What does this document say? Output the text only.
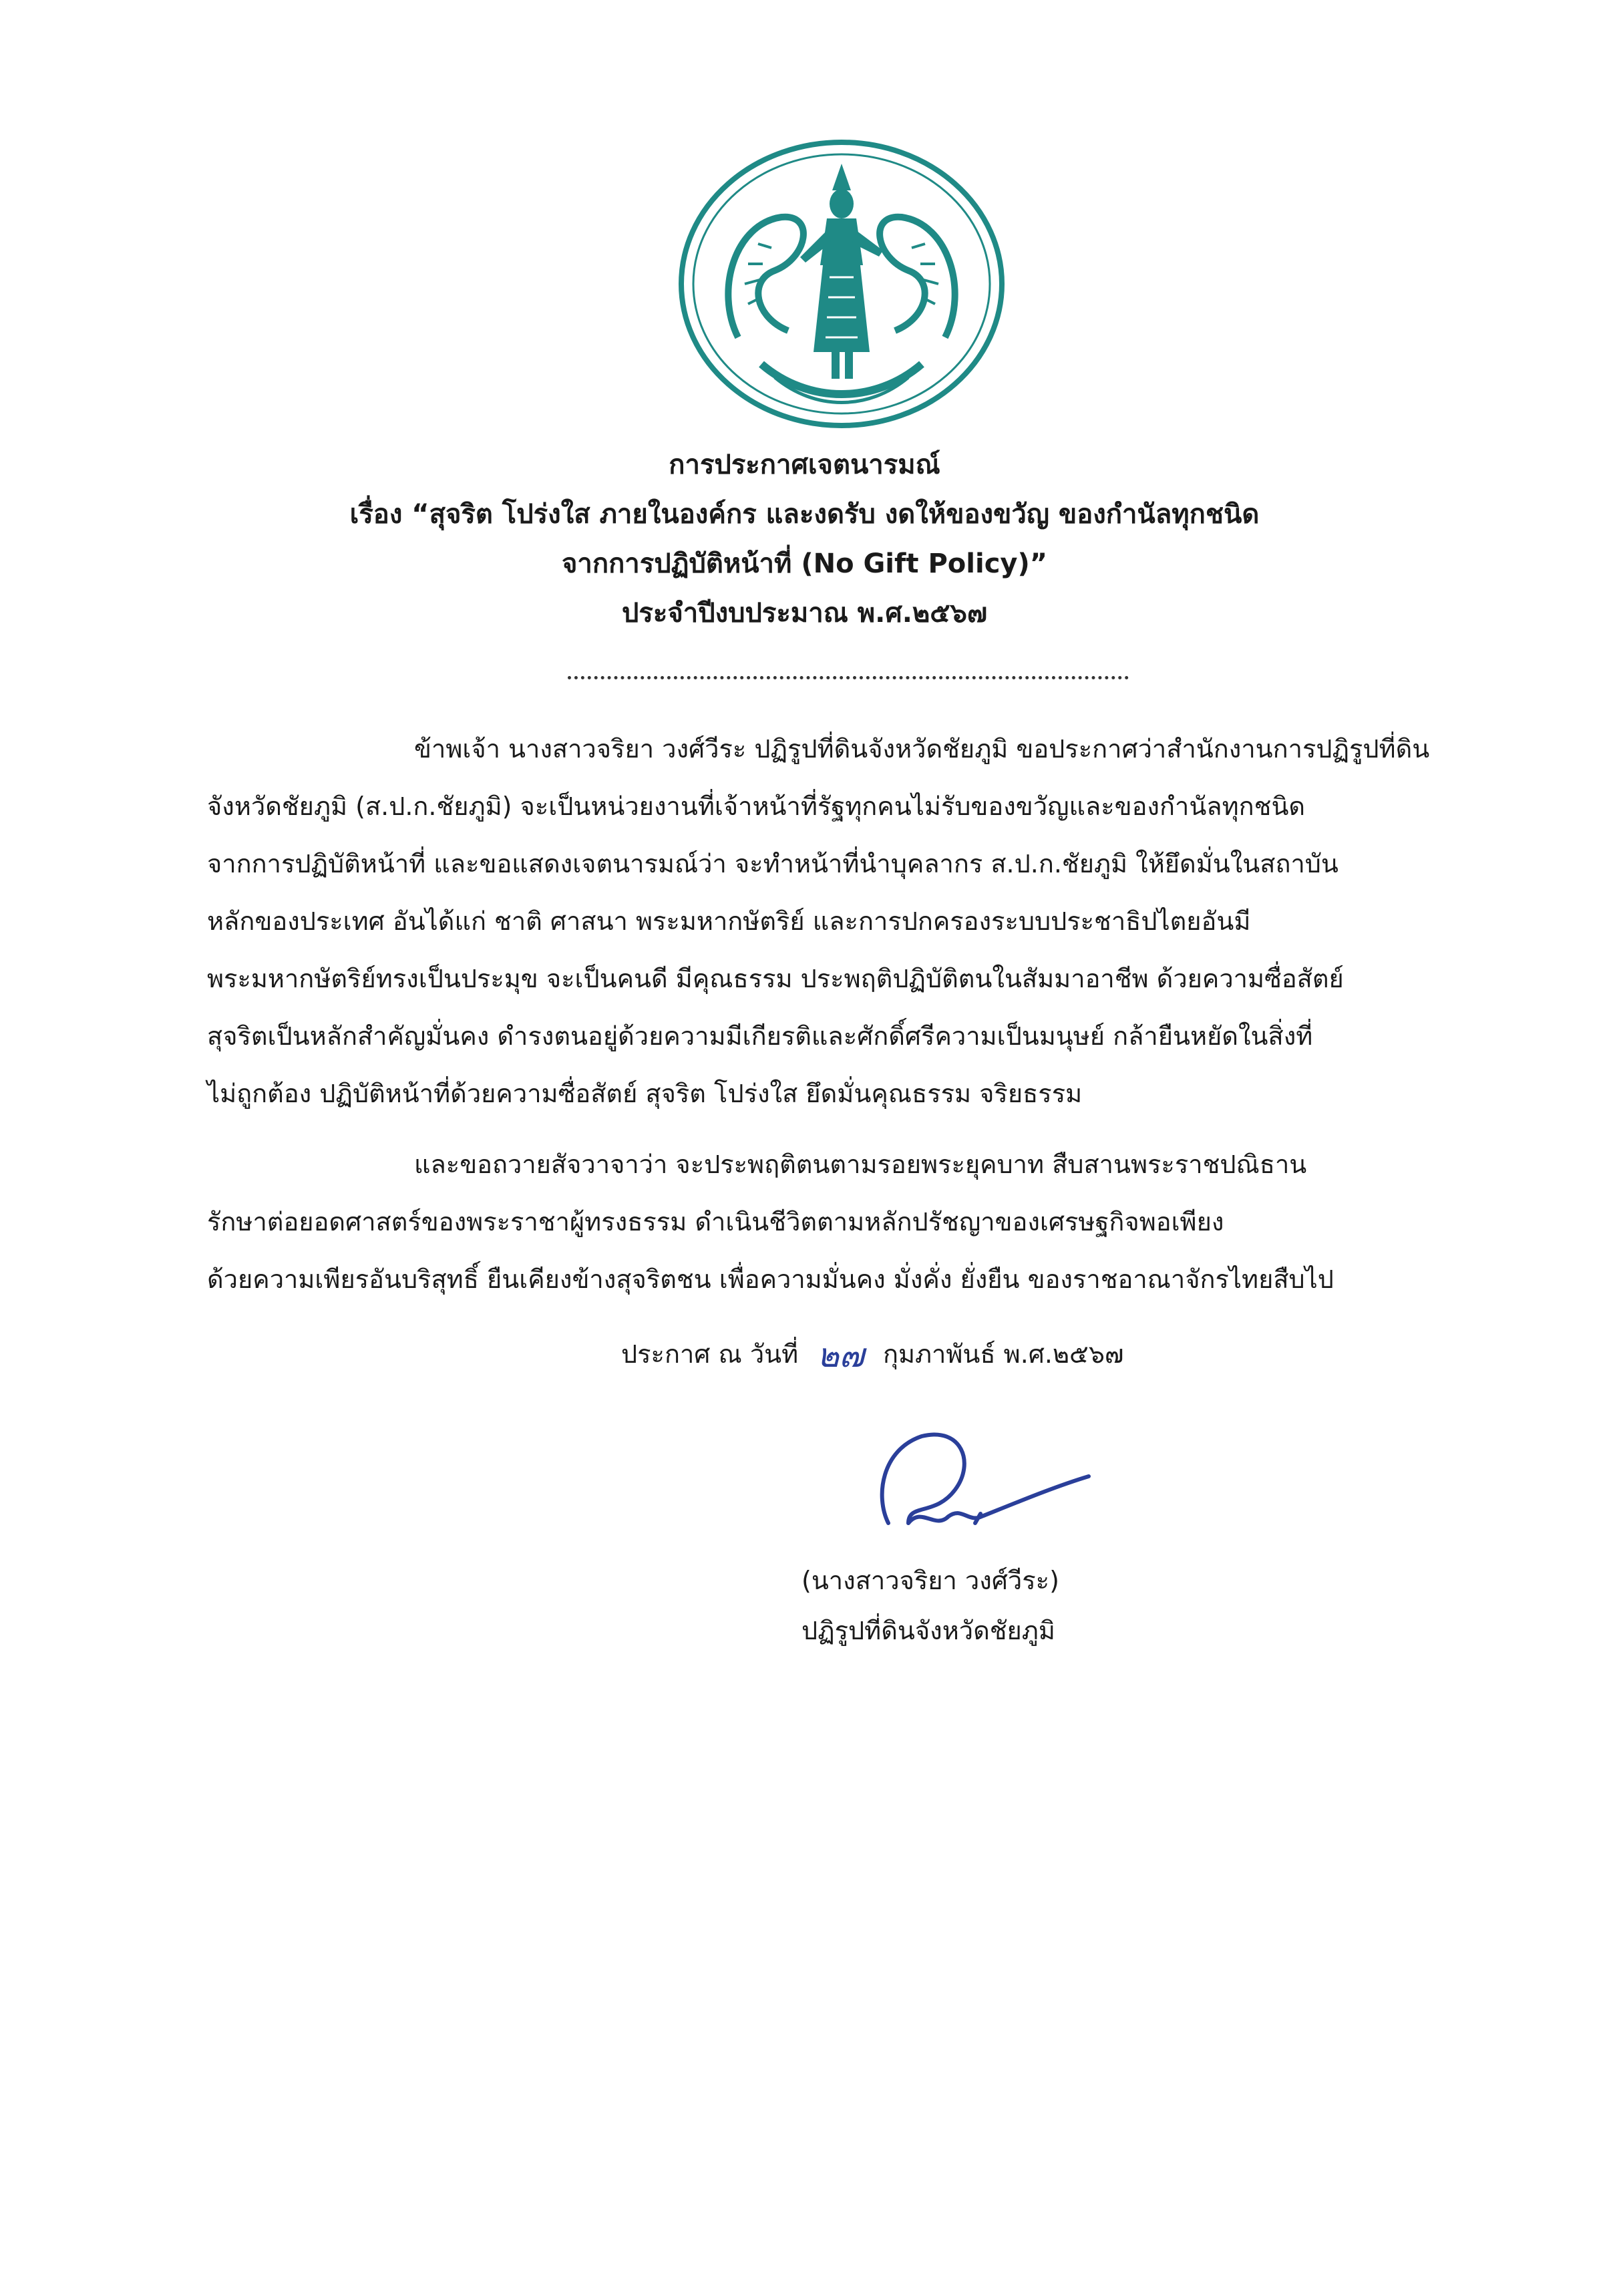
การประกาศเจตนารมณ์
เรื่อง “สุจริต โปร่งใส ภายในองค์กร และงดรับ งดให้ของขวัญ ของกำนัลทุกชนิด
จากการปฏิบัติหน้าที่ (No Gift Policy)”
ประจำปีงบประมาณ พ.ศ.๒๕๖๗
ข้าพเจ้า นางสาวจริยา วงศ์วีระ ปฏิรูปที่ดินจังหวัดชัยภูมิ ขอประกาศว่าสำนักงานการปฏิรูปที่ดิน
จังหวัดชัยภูมิ (ส.ป.ก.ชัยภูมิ) จะเป็นหน่วยงานที่เจ้าหน้าที่รัฐทุกคนไม่รับของขวัญและของกำนัลทุกชนิด
จากการปฏิบัติหน้าที่ และขอแสดงเจตนารมณ์ว่า จะทำหน้าที่นำบุคลากร ส.ป.ก.ชัยภูมิ ให้ยึดมั่นในสถาบัน
หลักของประเทศ อันได้แก่ ชาติ ศาสนา พระมหากษัตริย์ และการปกครองระบบประชาธิปไตยอันมี
พระมหากษัตริย์ทรงเป็นประมุข จะเป็นคนดี มีคุณธรรม ประพฤติปฏิบัติตนในสัมมาอาชีพ ด้วยความซื่อสัตย์
สุจริตเป็นหลักสำคัญมั่นคง ดำรงตนอยู่ด้วยความมีเกียรติและศักดิ์ศรีความเป็นมนุษย์ กล้ายืนหยัดในสิ่งที่
ไม่ถูกต้อง ปฏิบัติหน้าที่ด้วยความซื่อสัตย์ สุจริต โปร่งใส ยึดมั่นคุณธรรม จริยธรรม
และขอถวายสัจวาจาว่า จะประพฤติตนตามรอยพระยุคบาท สืบสานพระราชปณิธาน
รักษาต่อยอดศาสตร์ของพระราชาผู้ทรงธรรม ดำเนินชีวิตตามหลักปรัชญาของเศรษฐกิจพอเพียง
ด้วยความเพียรอันบริสุทธิ์ ยืนเคียงข้างสุจริตชน เพื่อความมั่นคง มั่งคั่ง ยั่งยืน ของราชอาณาจักรไทยสืบไป
ประกาศ ณ วันที่ ๒๗ กุมภาพันธ์ พ.ศ.๒๕๖๗
(นางสาวจริยา วงศ์วีระ)
ปฏิรูปที่ดินจังหวัดชัยภูมิ
